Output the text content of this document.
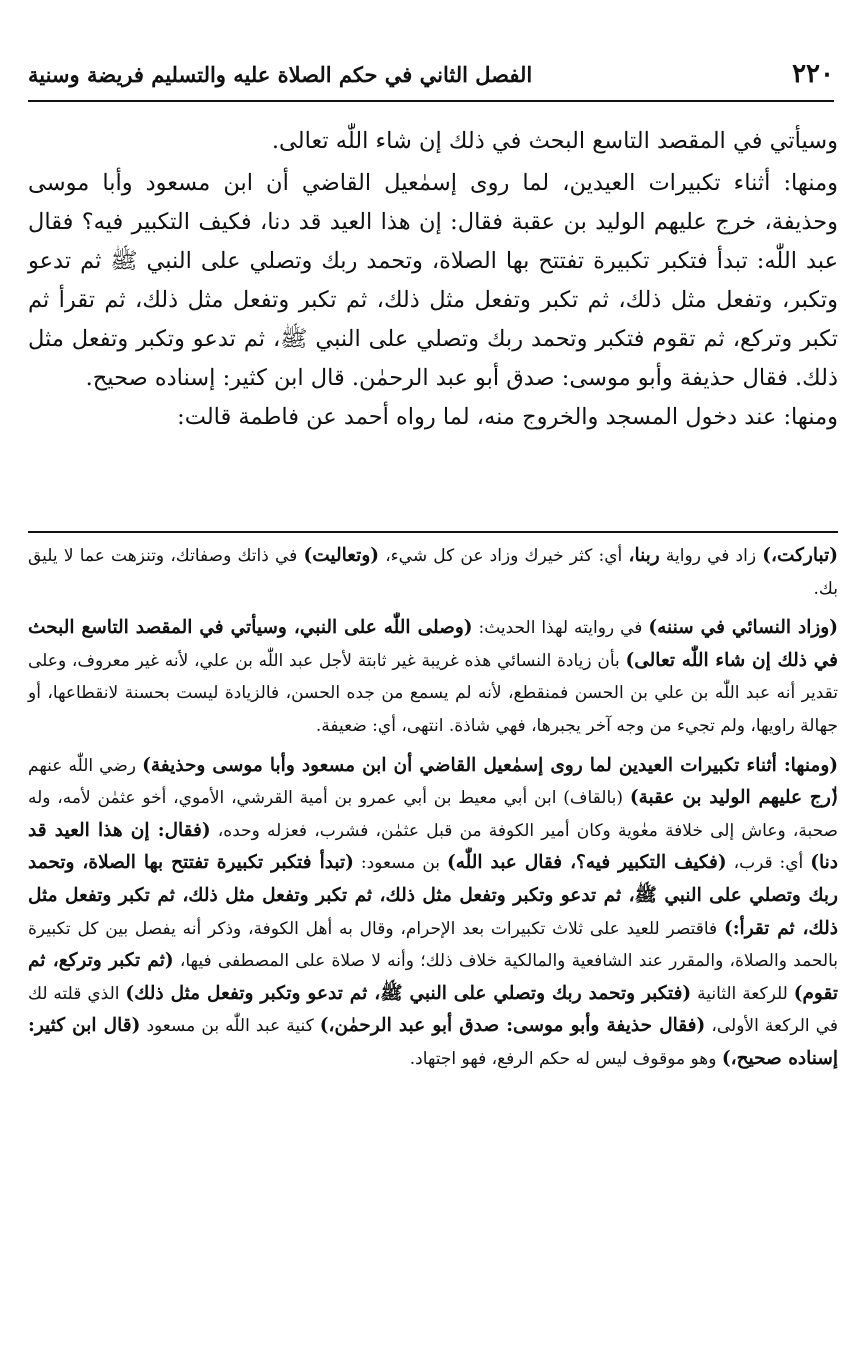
٢٢٠
الفصل الثاني في حكم الصلاة عليه والتسليم فريضة وسنية

وسيأتي في المقصد التاسع البحث في ذلك إن شاء اللّٰه تعالى.

ومنها: أثناء تكبيرات العيدين، لما روى إسمٰعيل القاضي أن ابن مسعود وأبا موسى وحذيفة، خرج عليهم الوليد بن عقبة فقال: إن هذا العيد قد دنا، فكيف التكبير فيه؟ فقال عبد اللّٰه: تبدأ فتكبر تكبيرة تفتتح بها الصلاة، وتحمد ربك وتصلي على النبي ﷺ ثم تدعو وتكبر، وتفعل مثل ذلك، ثم تكبر وتفعل مثل ذلك، ثم تكبر وتفعل مثل ذلك، ثم تقرأ ثم تكبر وتركع، ثم تقوم فتكبر وتحمد ربك وتصلي على النبي ﷺ، ثم تدعو وتكبر وتفعل مثل ذلك. فقال حذيفة وأبو موسى: صدق أبو عبد الرحمٰن. قال ابن كثير: إسناده صحيح.

ومنها: عند دخول المسجد والخروج منه، لما رواه أحمد عن فاطمة قالت:

(تبارکت،) زاد في رواية ربنا، أي: كثر خيرك وزاد عن كل شيء، (وتعاليت) في ذاتك وصفاتك، وتنزهت عما لا يليق بك.

(وزاد النسائي في سننه) في روايته لهذا الحديث: (وصلى اللّٰه على النبي، وسيأتي في المقصد التاسع البحث في ذلك إن شاء اللّٰه تعالى) بأن زيادة النسائي هذه غريبة غير ثابتة لأجل عبد اللّٰه بن علي، لأنه غير معروف، وعلى تقدير أنه عبد اللّٰه بن علي بن الحسن فمنقطع، لأنه لم يسمع من جده الحسن، فالزيادة ليست بحسنة لانقطاعها، أو جهالة راويها، ولم تجيء من وجه آخر يجبرها، فهي شاذة. انتهى، أي: ضعيفة.

(ومنها: أثناء تكبيرات العيدين لما روى إسمٰعيل القاضي أن ابن مسعود وأبا موسى وحذيفة) رضي اللّٰه عنهم (ٰرج عليهم الوليد بن عقبة) (بالقاف) ابن أبي معيط بن أبي عمرو بن أمية القرشي، الأموي، أخو عثمٰن لأمه، وله صحبة، وعاش إلى خلافة معٰوية وكان أمير الكوفة من قبل عثمٰن، فشرب، فعزله وحده، (فقال: إن هذا العيد قد دنا) أي: قرب، (فكيف التكبير فيه؟، فقال عبد اللّٰه) بن مسعود: (تبدأ فتكبر تكبيرة تفتتح بها الصلاة، وتحمد ربك وتصلي على النبي ﷺ، ثم تدعو وتكبر وتفعل مثل ذلك، ثم تكبر وتفعل مثل ذلك، ثم تكبر وتفعل مثل ذلك، ثم تقرأ:) فاقتصر للعيد على ثلاث تكبيرات بعد الإحرام، وقال به أهل الكوفة، وذكر أنه يفصل بين كل تكبيرة بالحمد والصلاة، والمقرر عند الشافعية والمالكية خلاف ذلك؛ وأنه لا صلاة على المصطفى فيها، (ثم تكبر وتركع، ثم تقوم) للركعة الثانية (فتكبر وتحمد ربك وتصلي على النبي ﷺ، ثم تدعو وتكبر وتفعل مثل ذلك) الذي قلته لك في الركعة الأولى، (فقال حذيفة وأبو موسى: صدق أبو عبد الرحمٰن،) كنية عبد اللّٰه بن مسعود (قال ابن كثير: إسناده صحيح،) وهو موقوف ليس له حكم الرفع، فهو اجتهاد.
